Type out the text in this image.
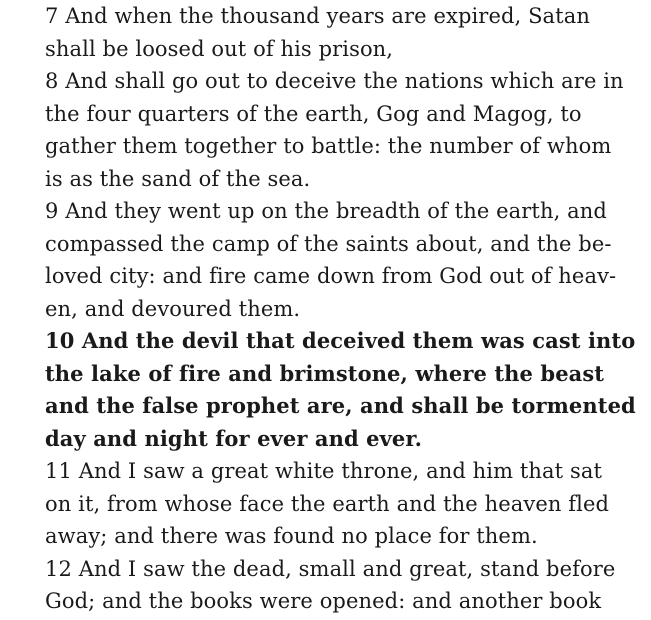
7 And when the thousand years are expired, Satan
shall be loosed out of his prison,
8 And shall go out to deceive the nations which are in
the four quarters of the earth, Gog and Magog, to
gather them together to battle: the number of whom
is as the sand of the sea.
9 And they went up on the breadth of the earth, and
compassed the camp of the saints about, and the be-
loved city: and fire came down from God out of heav-
en, and devoured them.
10 And the devil that deceived them was cast into
the lake of fire and brimstone, where the beast
and the false prophet are, and shall be tormented
day and night for ever and ever.
11 And I saw a great white throne, and him that sat
on it, from whose face the earth and the heaven fled
away; and there was found no place for them.
12 And I saw the dead, small and great, stand before
God; and the books were opened: and another book
